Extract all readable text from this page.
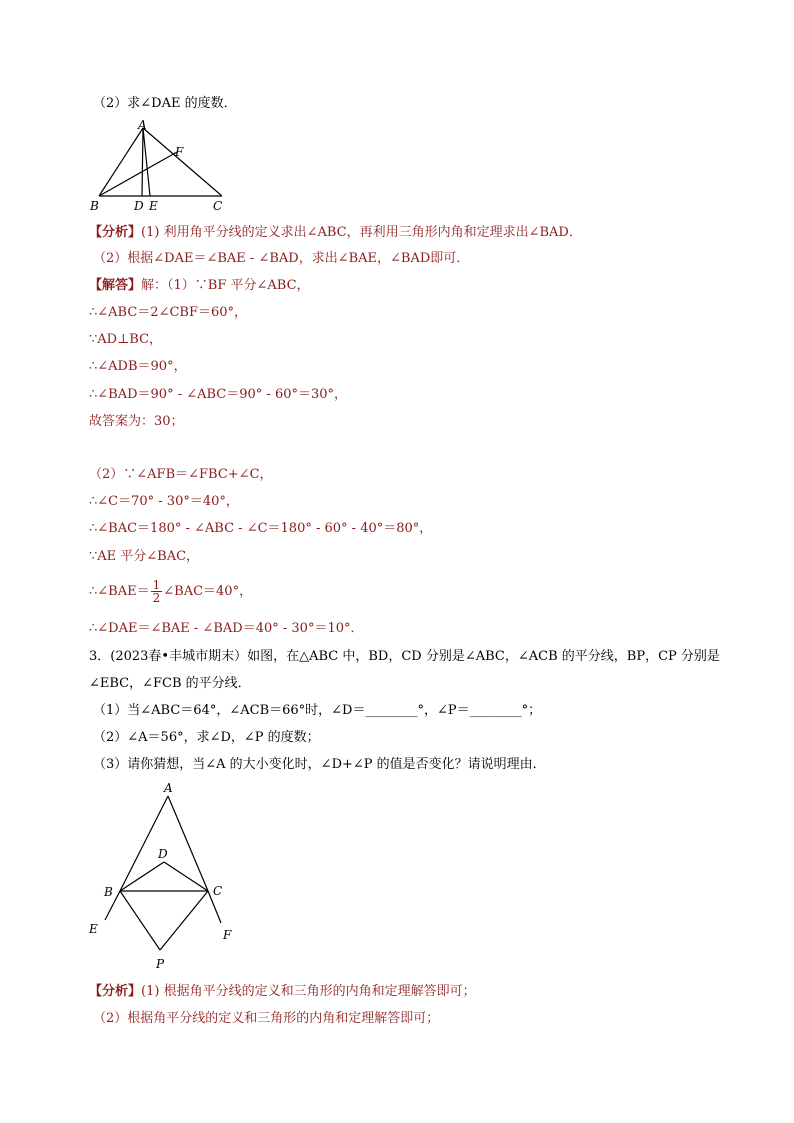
（2）求∠DAE 的度数．
A
B	C
D E
F
【分析】(1) 利用角平分线的定义求出∠ABC，再利用三角形内角和定理求出∠BAD．
（2）根据∠DAE＝∠BAE - ∠BAD，求出∠BAE，∠BAD即可．
【解答】解：（1）∵BF 平分∠ABC，
∴∠ABC＝2∠CBF＝60°，
∵AD⊥BC，
∴∠ADB＝90°，
∴∠BAD＝90° - ∠ABC＝90° - 60°＝30°，
故答案为：30；
（2）∵∠AFB＝∠FBC+∠C，
∴∠C＝70° - 30°＝40°，
∴∠BAC＝180° - ∠ABC - ∠C＝180° - 60° - 40°＝80°，
∵AE 平分∠BAC，
∴∠BAE＝ $\frac{1}{2}$ ∠BAC＝40°，
∴∠DAE＝∠BAE - ∠BAD＝40° - 30°＝10°．
3．(2023春•丰城市期末）如图，在△ABC 中，BD，CD 分别是∠ABC，∠ACB 的平分线，BP，CP 分别是
∠EBC，∠FCB 的平分线．
（1）当∠ABC＝64°，∠ACB＝66°时，∠D＝________°，∠P＝________°；
（2）∠A＝56°，求∠D，∠P 的度数；
（3）请你猜想，当∠A 的大小变化时，∠D+∠P 的值是否变化？请说明理由．
A
B	C
D
E	F
P
【分析】(1) 根据角平分线的定义和三角形的内角和定理解答即可；
（2）根据角平分线的定义和三角形的内角和定理解答即可；
